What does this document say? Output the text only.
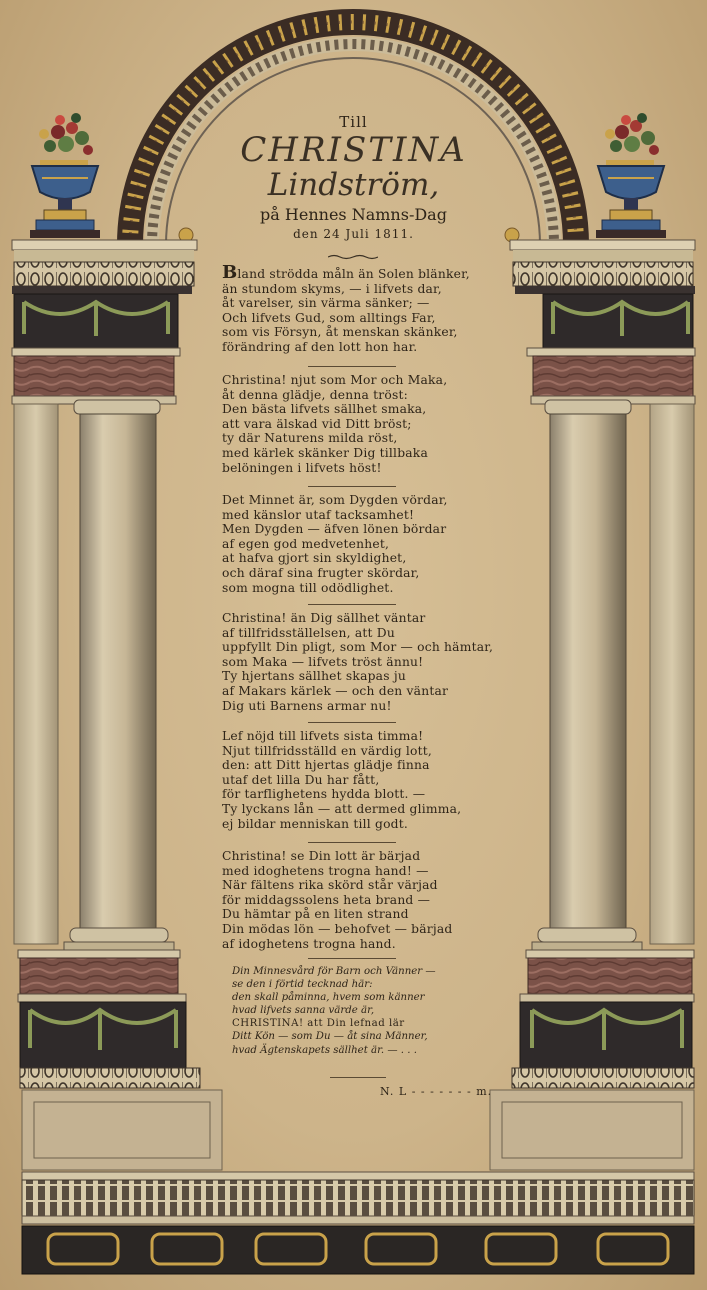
Till
CHRISTINA
Lindström,
på Hennes Namns-Dag
den 24 Juli 1811.
Bland strödda måln än Solen blänker,
än stundom skyms, — i lifvets dar,
åt varelser, sin värma sänker; —
Och lifvets Gud, som alltings Far,
som vis Försyn, åt menskan skänker,
förändring af den lott hon har.
Christina! njut som Mor och Maka,
åt denna glädje, denna tröst:
Den bästa lifvets sällhet smaka,
att vara älskad vid Ditt bröst;
ty där Naturens milda röst,
med kärlek skänker Dig tillbaka
belöningen i lifvets höst!
Det Minnet är, som Dygden vördar,
med känslor utaf tacksamhet!
Men Dygden — äfven lönen bördar
af egen god medvetenhet,
at hafva gjort sin skyldighet,
och däraf sina frugter skördar,
som mogna till odödlighet.
Christina! än Dig sällhet väntar
af tillfridsställelsen, att Du
uppfyllt Din pligt, som Mor — och hämtar,
som Maka — lifvets tröst ännu!
Ty hjertans sällhet skapas ju
af Makars kärlek — och den väntar
Dig uti Barnens armar nu!
Lef nöjd till lifvets sista timma!
Njut tillfridsställd en värdig lott,
den: att Ditt hjertas glädje finna
utaf det lilla Du har fått,
för tarflighetens hydda blott. —
Ty lyckans lån — att dermed glimma,
ej bildar menniskan till godt.
Christina! se Din lott är bärjad
med idoghetens trogna hand! —
När fältens rika skörd står värjad
för middagssolens heta brand —
Du hämtar på en liten strand
Din mödas lön — behofvet — bärjad
af idoghetens trogna hand.
Din Minnesvård för Barn och Vänner —
se den i förtid tecknad här:
den skall påminna, hvem som känner
hvad lifvets sanna värde är,
CHRISTINA! att Din lefnad lär
Ditt Kön — som Du — åt sina Männer,
hvad Ägtenskapets sällhet är. — . . .
N. L - - - - - - - m.
